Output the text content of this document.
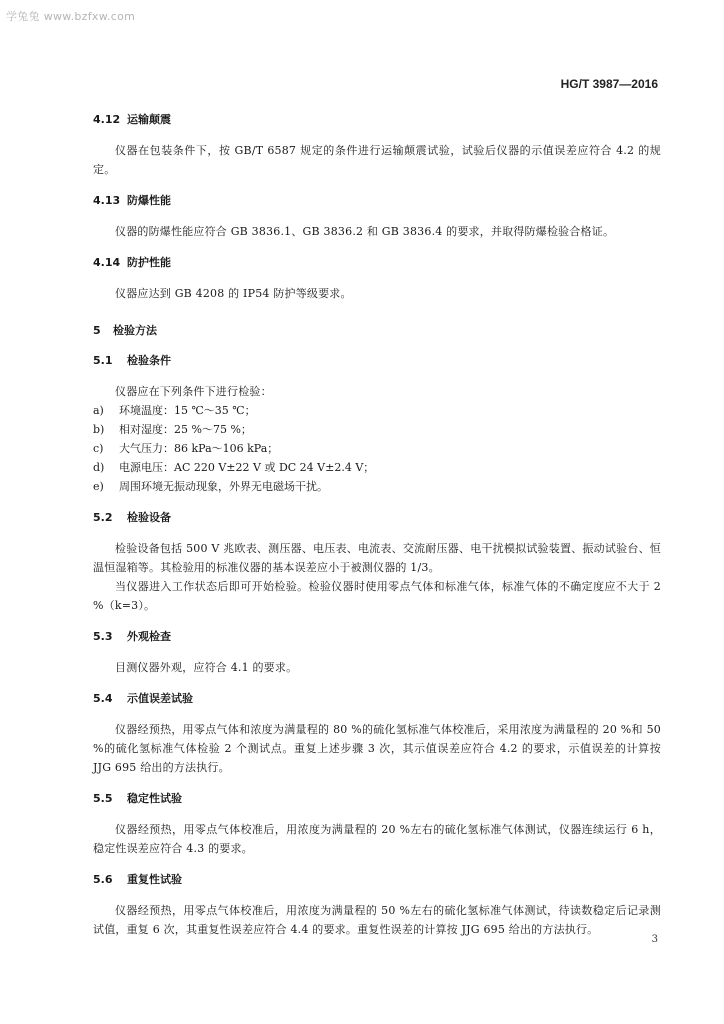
学兔兔 www.bzfxw.com
HG/T 3987—2016
4.12 运输颠震

仪器在包装条件下，按 GB/T 6587 规定的条件进行运输颠震试验，试验后仪器的示值误差应符合 4.2 的规定。

4.13 防爆性能

仪器的防爆性能应符合 GB 3836.1、GB 3836.2 和 GB 3836.4 的要求，并取得防爆检验合格证。

4.14 防护性能

仪器应达到 GB 4208 的 IP54 防护等级要求。

5 检验方法
5.1 检验条件

仪器应在下列条件下进行检验：

a) 环境温度：15 ℃～35 ℃；
b) 相对湿度：25 %～75 %；
c) 大气压力：86 kPa～106 kPa；
d) 电源电压：AC 220 V±22 V 或 DC 24 V±2.4 V；
e) 周围环境无振动现象，外界无电磁场干扰。
5.2 检验设备

检验设备包括 500 V 兆欧表、测压器、电压表、电流表、交流耐压器、电干扰模拟试验装置、振动试验台、恒温恒湿箱等。其检验用的标准仪器的基本误差应小于被测仪器的 1/3。

当仪器进入工作状态后即可开始检验。检验仪器时使用零点气体和标准气体，标准气体的不确定度应不大于 2 %（k=3）。

5.3 外观检查

目测仪器外观，应符合 4.1 的要求。

5.4 示值误差试验

仪器经预热，用零点气体和浓度为满量程的 80 %的硫化氢标准气体校准后，采用浓度为满量程的 20 %和 50 %的硫化氢标准气体检验 2 个测试点。重复上述步骤 3 次，其示值误差应符合 4.2 的要求，示值误差的计算按 JJG 695 给出的方法执行。

5.5 稳定性试验

仪器经预热，用零点气体校准后，用浓度为满量程的 20 %左右的硫化氢标准气体测试，仪器连续运行 6 h，稳定性误差应符合 4.3 的要求。

5.6 重复性试验

仪器经预热，用零点气体校准后，用浓度为满量程的 50 %左右的硫化氢标准气体测试，待读数稳定后记录测试值，重复 6 次，其重复性误差应符合 4.4 的要求。重复性误差的计算按 JJG 695 给出的方法执行。

3
